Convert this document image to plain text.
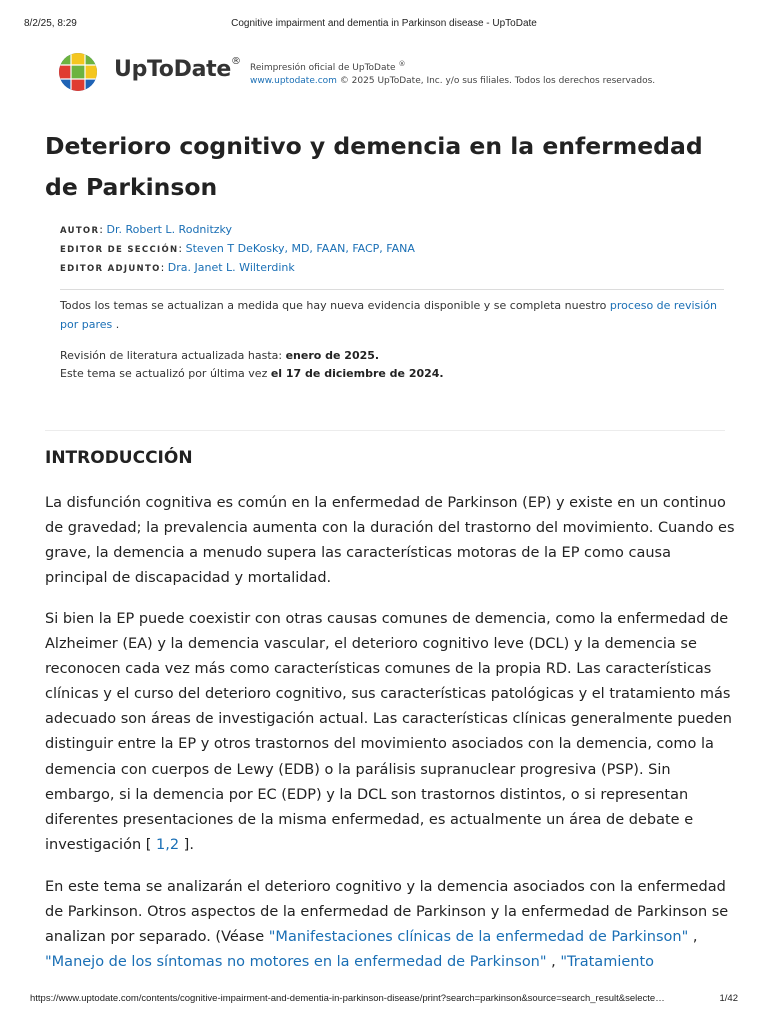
8/2/25, 8:29	Cognitive impairment and dementia in Parkinson disease - UpToDate
UpToDate®
Reimpresión oficial de UpToDate ®
www.uptodate.com © 2025 UpToDate, Inc. y/o sus filiales. Todos los derechos reservados.
Deterioro cognitivo y demencia en la enfermedad de Parkinson
AUTOR: Dr. Robert L. Rodnitzky
EDITOR DE SECCIÓN: Steven T DeKosky, MD, FAAN, FACP, FANA
EDITOR ADJUNTO: Dra. Janet L. Wilterdink
Todos los temas se actualizan a medida que hay nueva evidencia disponible y se completa nuestro proceso de revisión por pares .
Revisión de literatura actualizada hasta: enero de 2025.
Este tema se actualizó por última vez el 17 de diciembre de 2024.
INTRODUCCIÓN

La disfunción cognitiva es común en la enfermedad de Parkinson (EP) y existe en un continuo de gravedad; la prevalencia aumenta con la duración del trastorno del movimiento. Cuando es grave, la demencia a menudo supera las características motoras de la EP como causa principal de discapacidad y mortalidad.

Si bien la EP puede coexistir con otras causas comunes de demencia, como la enfermedad de Alzheimer (EA) y la demencia vascular, el deterioro cognitivo leve (DCL) y la demencia se reconocen cada vez más como características comunes de la propia RD. Las características clínicas y el curso del deterioro cognitivo, sus características patológicas y el tratamiento más adecuado son áreas de investigación actual. Las características clínicas generalmente pueden distinguir entre la EP y otros trastornos del movimiento asociados con la demencia, como la demencia con cuerpos de Lewy (EDB) o la parálisis supranuclear progresiva (PSP). Sin embargo, si la demencia por EC (EDP) y la DCL son trastornos distintos, o si representan diferentes presentaciones de la misma enfermedad, es actualmente un área de debate e investigación [ 1,2 ].

En este tema se analizarán el deterioro cognitivo y la demencia asociados con la enfermedad de Parkinson. Otros aspectos de la enfermedad de Parkinson y la enfermedad de Parkinson se analizan por separado. (Véase "Manifestaciones clínicas de la enfermedad de Parkinson" , "Manejo de los síntomas no motores en la enfermedad de Parkinson" , "Tratamiento

https://www.uptodate.com/contents/cognitive-impairment-and-dementia-in-parkinson-disease/print?search=parkinson&source=search_result&selecte…	1/42
